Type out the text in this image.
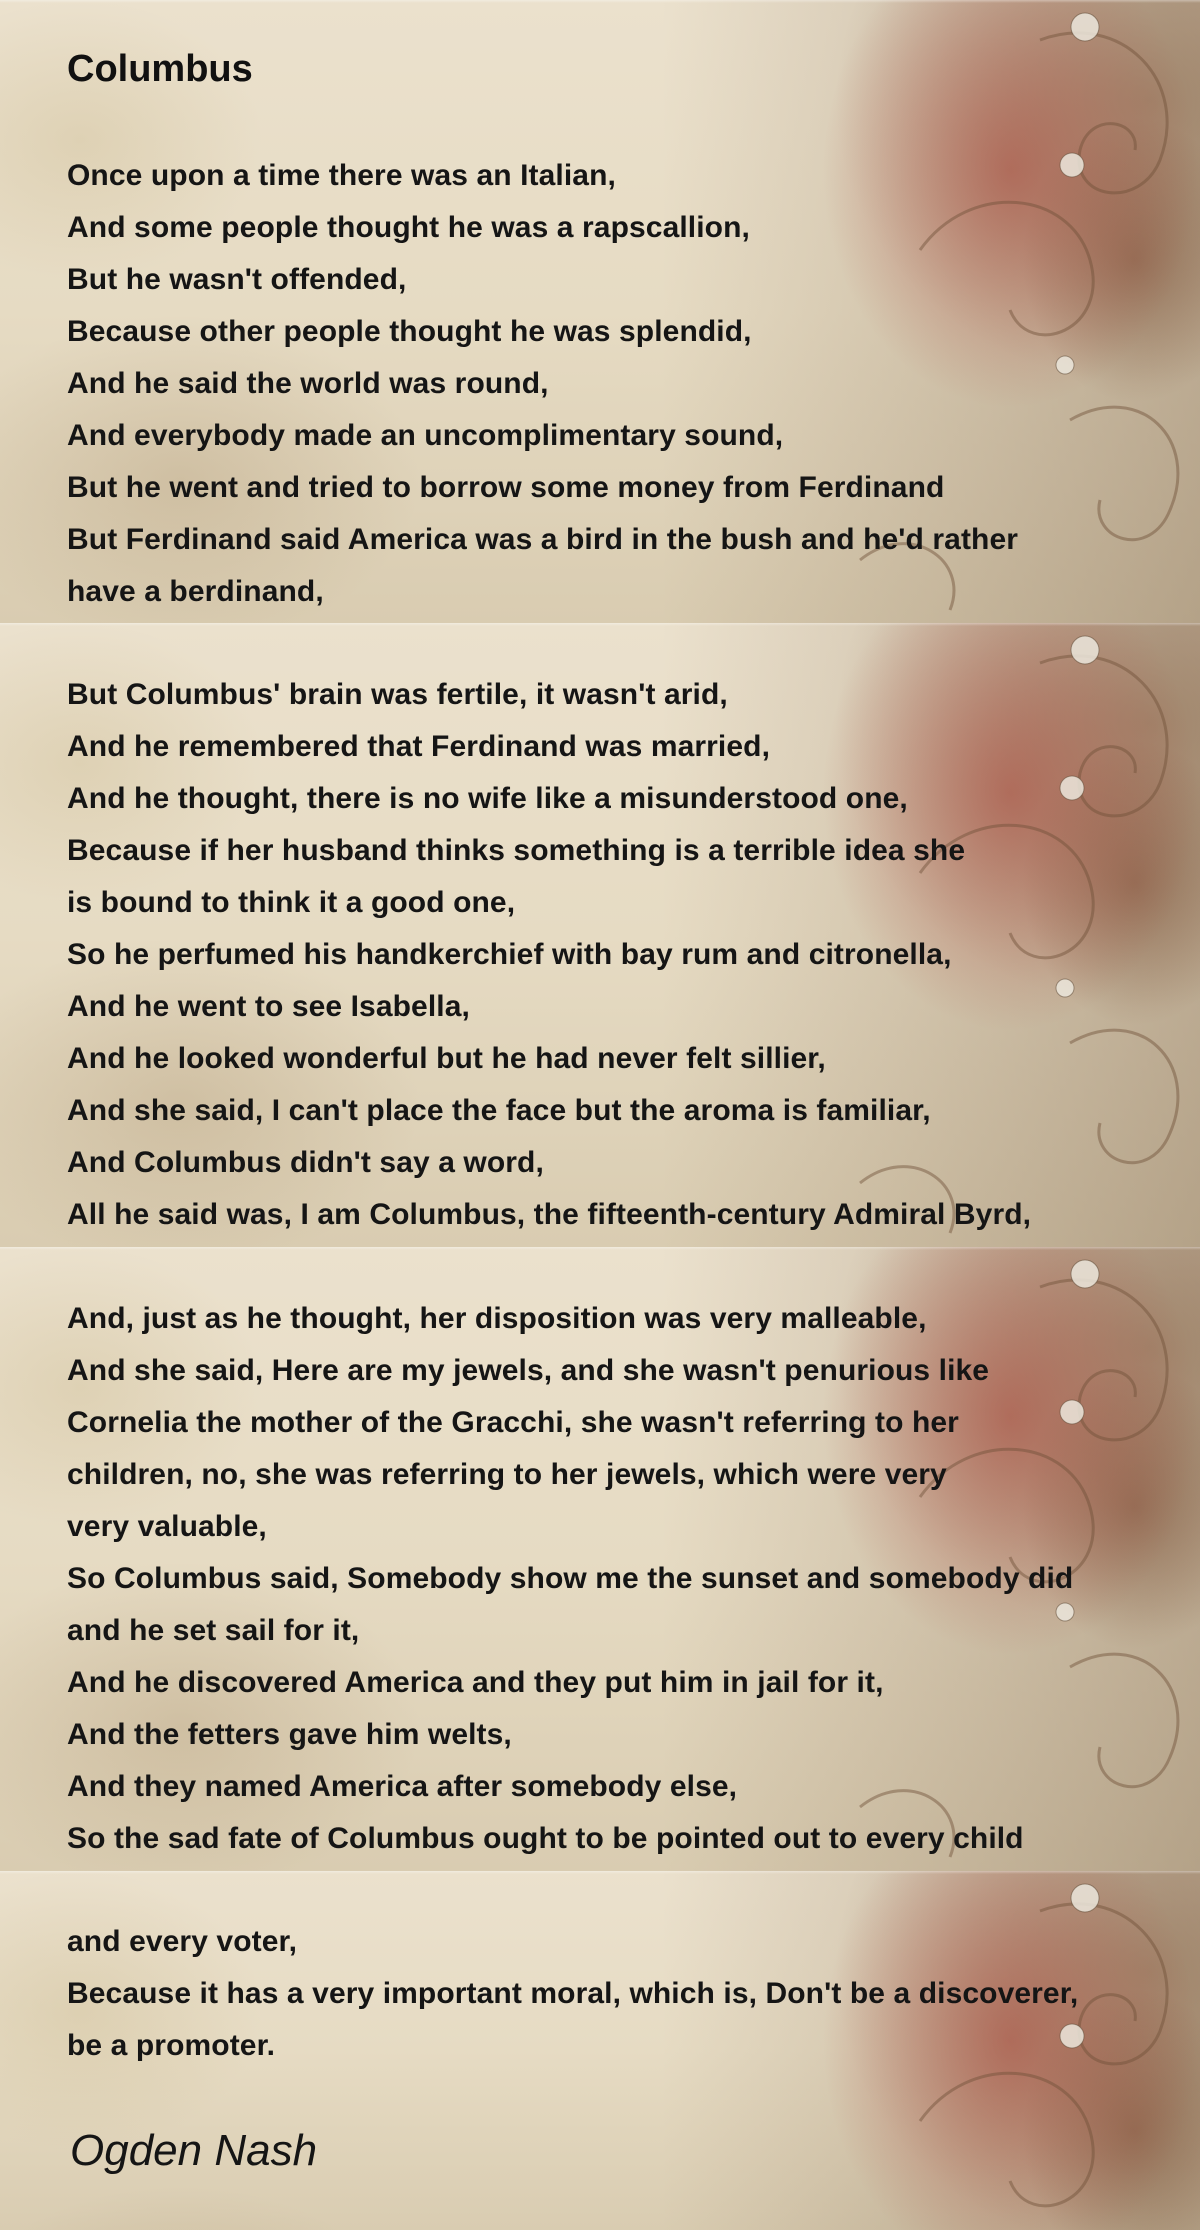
Columbus
Once upon a time there was an Italian,
And some people thought he was a rapscallion,
But he wasn't offended,
Because other people thought he was splendid,
And he said the world was round,
And everybody made an uncomplimentary sound,
But he went and tried to borrow some money from Ferdinand
But Ferdinand said America was a bird in the bush and he'd rather
have a berdinand,
But Columbus' brain was fertile, it wasn't arid,
And he remembered that Ferdinand was married,
And he thought, there is no wife like a misunderstood one,
Because if her husband thinks something is a terrible idea she
is bound to think it a good one,
So he perfumed his handkerchief with bay rum and citronella,
And he went to see Isabella,
And he looked wonderful but he had never felt sillier,
And she said, I can't place the face but the aroma is familiar,
And Columbus didn't say a word,
All he said was, I am Columbus, the fifteenth-century Admiral Byrd,
And, just as he thought, her disposition was very malleable,
And she said, Here are my jewels, and she wasn't penurious like
Cornelia the mother of the Gracchi, she wasn't referring to her
children, no, she was referring to her jewels, which were very
very valuable,
So Columbus said, Somebody show me the sunset and somebody did
and he set sail for it,
And he discovered America and they put him in jail for it,
And the fetters gave him welts,
And they named America after somebody else,
So the sad fate of Columbus ought to be pointed out to every child
and every voter,
Because it has a very important moral, which is, Don't be a discoverer,
be a promoter.

Ogden Nash
